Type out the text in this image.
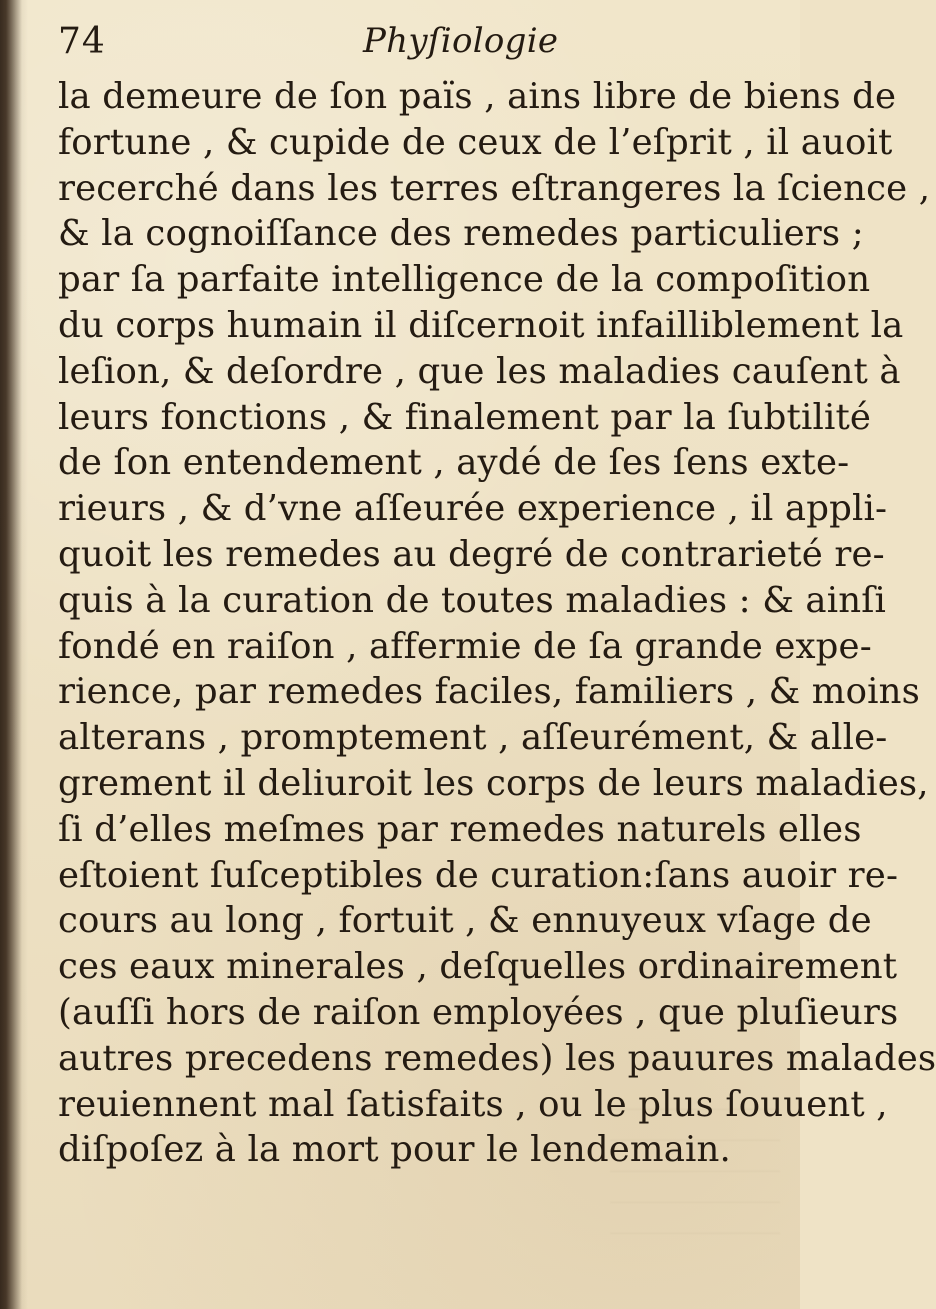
74	Phyſiologie
la demeure de ſon païs , ains libre de biens de
fortune , & cupide de ceux de l’eſprit , il auoit
recerché dans les terres eſtrangeres la ſcience ,
& la cognoiſſance des remedes particuliers ;
par ſa parfaite intelligence de la compoſition
du corps humain il diſcernoit infailliblement la
leſion, & deſordre , que les maladies cauſent à
leurs fonctions , & finalement par la ſubtilité
de ſon entendement , aydé de ſes ſens exte-
rieurs , & d’vne aſſeurée experience , il appli-
quoit les remedes au degré de contrarieté re-
quis à la curation de toutes maladies : & ainſi
fondé en raiſon , affermie de ſa grande expe-
rience, par remedes faciles, familiers , & moins
alterans , promptement , aſſeurément, & alle-
grement il deliuroit les corps de leurs maladies,
ſi d’elles meſmes par remedes naturels elles
eſtoient ſuſceptibles de curation:ſans auoir re-
cours au long , fortuit , & ennuyeux vſage de
ces eaux minerales , deſquelles ordinairement
(auſſi hors de raiſon employées , que pluſieurs
autres precedens remedes) les pauures malades
reuiennent mal ſatisfaits , ou le plus ſouuent ,
diſpoſez à la mort pour le lendemain.
